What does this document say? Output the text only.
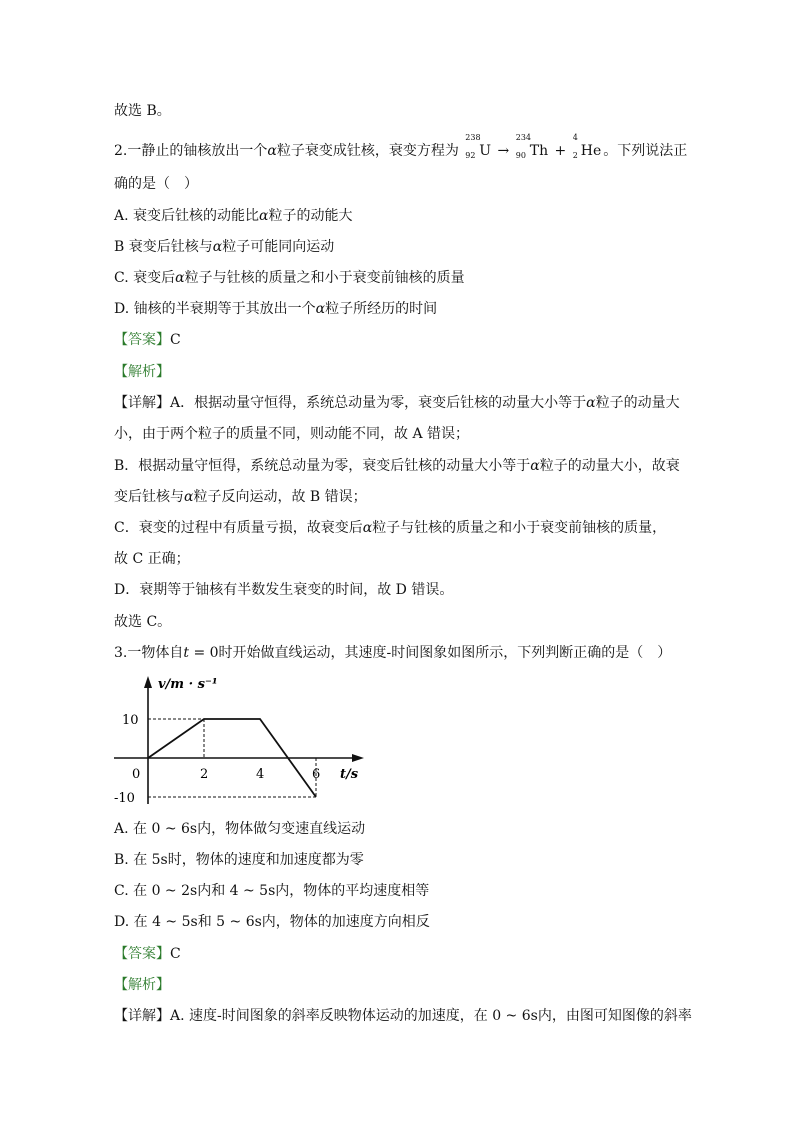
故选 B。
2.一静止的铀核放出一个α粒子衰变成钍核，衰变方程为
238
92 U →
234
90 Th +
4
2 He 。下列说法正
确的是（　）
A. 衰变后钍核的动能比α粒子的动能大
B 衰变后钍核与α粒子可能同向运动
C. 衰变后α粒子与钍核的质量之和小于衰变前铀核的质量
D. 铀核的半衰期等于其放出一个α粒子所经历的时间
【答案】C
【解析】
【详解】A．根据动量守恒得，系统总动量为零，衰变后钍核的动量大小等于α粒子的动量大
小，由于两个粒子的质量不同，则动能不同，故 A 错误；
B．根据动量守恒得，系统总动量为零，衰变后钍核的动量大小等于α粒子的动量大小，故衰
变后钍核与α粒子反向运动，故 B 错误；
C．衰变的过程中有质量亏损，故衰变后α粒子与钍核的质量之和小于衰变前铀核的质量，
故 C 正确；
D．衰期等于铀核有半数发生衰变的时间，故 D 错误。
故选 C。
3.一物体自t = 0时开始做直线运动，其速度-时间图象如图所示，下列判断正确的是（　）
v/m · s⁻¹
t/s
0	2	4	6
10
-10
A. 在 0 ~ 6s内，物体做匀变速直线运动
B. 在 5s时，物体的速度和加速度都为零
C. 在 0 ~ 2s内和 4 ~ 5s内，物体的平均速度相等
D. 在 4 ~ 5s和 5 ~ 6s内，物体的加速度方向相反
【答案】C
【解析】
【详解】A. 速度-时间图象的斜率反映物体运动的加速度，在 0 ~ 6s内，由图可知图像的斜率
